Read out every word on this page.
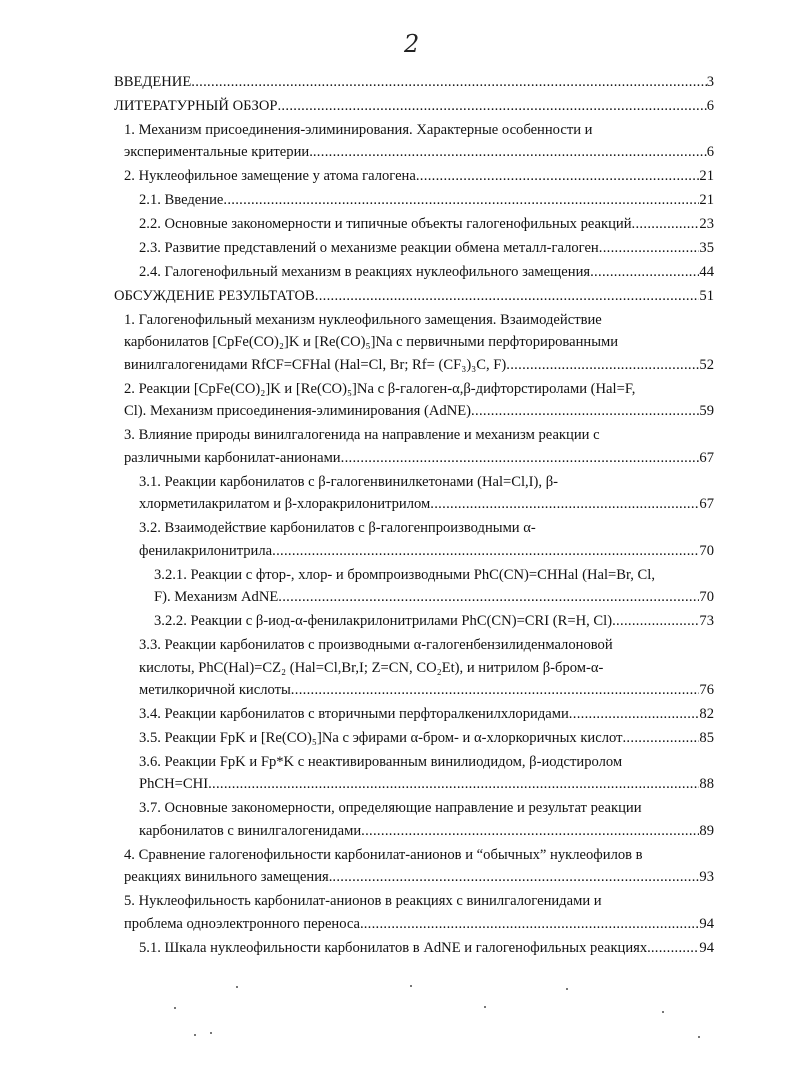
2
ВВЕДЕНИЕ .....	3
ЛИТЕРАТУРНЫЙ ОБЗОР .....	6
1. Механизм присоединения-элиминирования. Характерные особенности и
экспериментальные критерии. .....	6
2. Нуклеофильное замещение у атома галогена .....	21
2.1. Введение .....	21
2.2. Основные закономерности и типичные объекты галогенофильных реакций .....	23
2.3. Развитие представлений о механизме реакции обмена металл-галоген .....	35
2.4. Галогенофильный механизм в реакциях нуклеофильного замещения .....	44
ОБСУЖДЕНИЕ РЕЗУЛЬТАТОВ .....	51
1. Галогенофильный механизм нуклеофильного замещения. Взаимодействие
карбонилатов [CpFe(CO)₂]K и [Re(CO)₅]Na с первичными перфторированными
винилгалогенидами RfCF=CFHal (Hal=Cl, Br; Rf= (CF₃)₃C, F) .....	52
2. Реакции [CpFe(CO)₂]K и [Re(CO)₅]Na с β-галоген-α,β-дифторстиролами (Hal=F,
Cl). Механизм присоединения-элиминирования (AdNE) .....	59
3. Влияние природы винилгалогенида на направление и механизм реакции с
различными карбонилат-анионами .....	67
3.1. Реакции карбонилатов с β-галогенвинилкетонами (Hal=Cl,I), β-
хлорметилакрилатом и β-хлоракрилонитрилом .....	67
3.2. Взаимодействие карбонилатов с β-галогенпроизводными α-
фенилакрилонитрила .....	70
3.2.1. Реакции с фтор-, хлор- и бромпроизводными PhC(CN)=CHHal (Hal=Br, Cl,
F). Механизм AdNE .....	70
3.2.2. Реакции с β-иод-α-фенилакрилонитрилами PhC(CN)=CRI (R=H, Cl) .....	73
3.3. Реакции карбонилатов с производными α-галогенбензилиденмалоновой
кислоты, PhC(Hal)=CZ₂ (Hal=Cl,Br,I; Z=CN, CO₂Et), и нитрилом β-бром-α-
метилкоричной кислоты .....	76
3.4. Реакции карбонилатов с вторичными перфторалкенилхлоридами .....	82
3.5. Реакции FpK и [Re(CO)₅]Na с эфирами α-бром- и α-хлоркоричных кислот .....	85
3.6. Реакции FpK и Fp*K с неактивированным винилиодидом, β-иодстиролом
PhCH=CHI .....	88
3.7. Основные закономерности, определяющие направление и результат реакции
карбонилатов с винилгалогенидами .....	89
4. Сравнение галогенофильности карбонилат-анионов и “обычных” нуклеофилов в
реакциях винильного замещения. .....	93
5. Нуклеофильность карбонилат-анионов в реакциях с винилгалогенидами и
проблема одноэлектронного переноса. .....	94
5.1. Шкала нуклеофильности карбонилатов в AdNE и галогенофильных реакциях. .....	94
